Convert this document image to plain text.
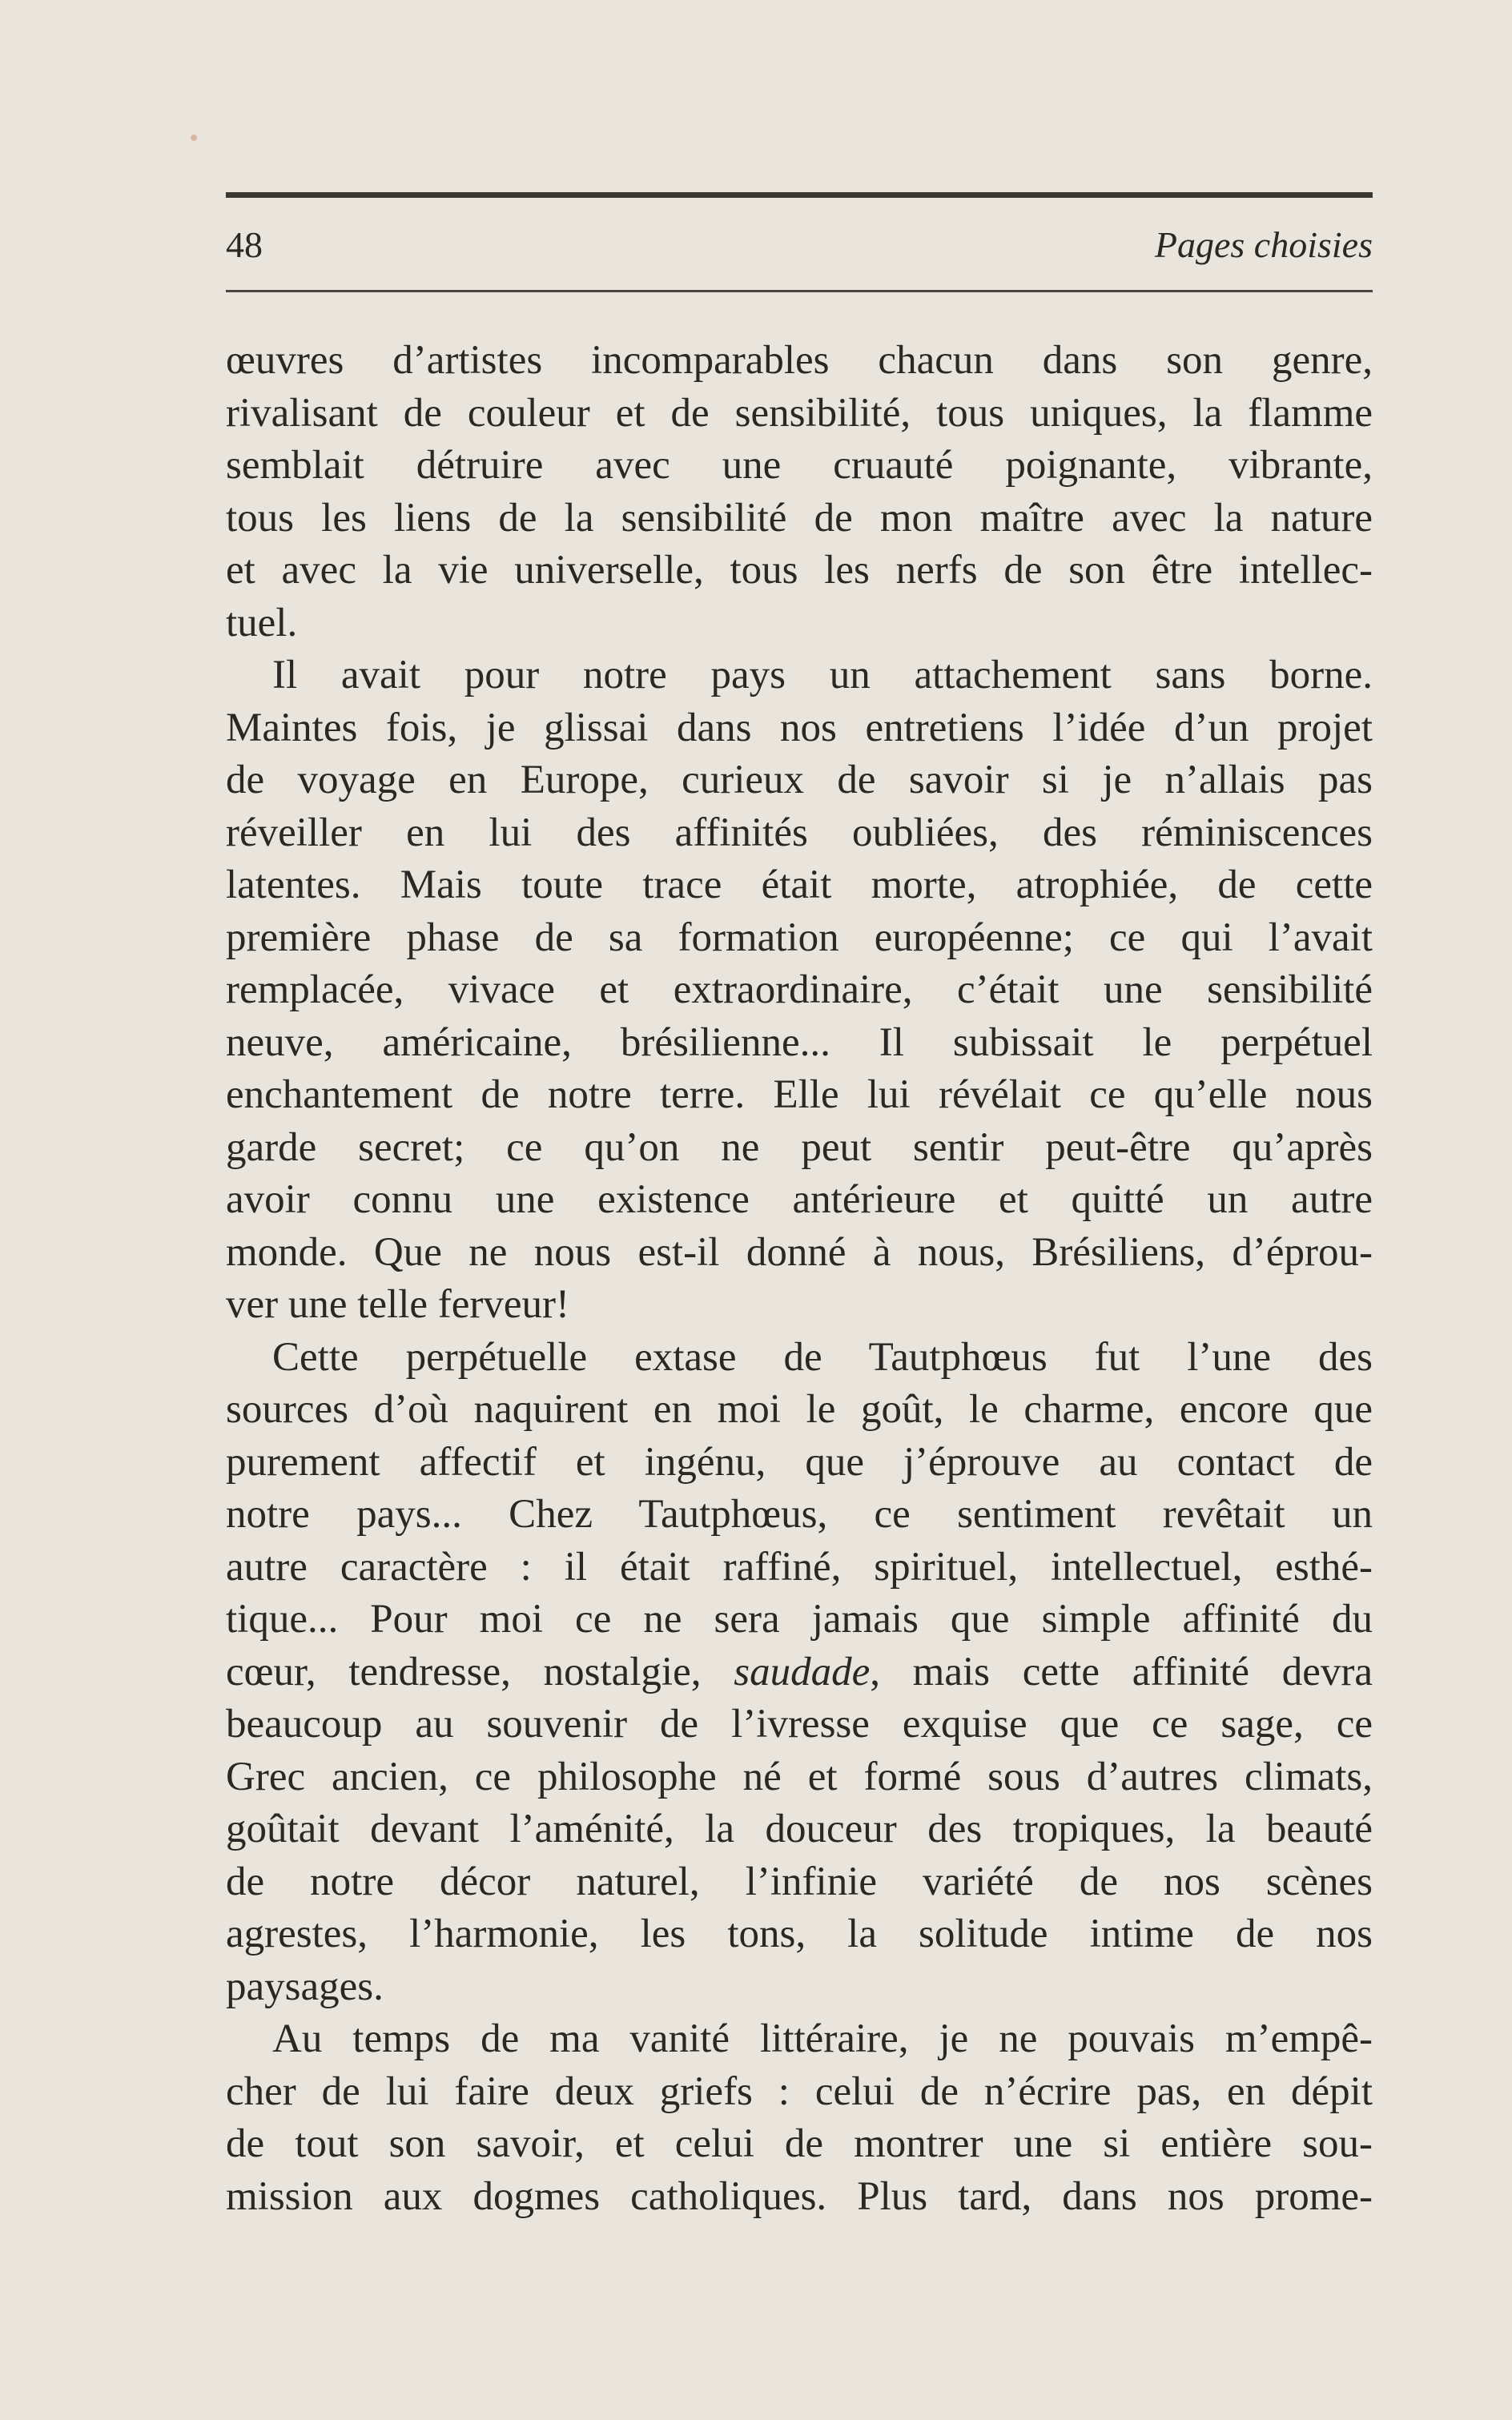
48	Pages choisies
œuvres d’artistes incomparables chacun dans son genre,
rivalisant de couleur et de sensibilité, tous uniques, la flamme
semblait détruire avec une cruauté poignante, vibrante,
tous les liens de la sensibilité de mon maître avec la nature
et avec la vie universelle, tous les nerfs de son être intellec-
tuel.
Il avait pour notre pays un attachement sans borne.
Maintes fois, je glissai dans nos entretiens l’idée d’un projet
de voyage en Europe, curieux de savoir si je n’allais pas
réveiller en lui des affinités oubliées, des réminiscences
latentes. Mais toute trace était morte, atrophiée, de cette
première phase de sa formation européenne; ce qui l’avait
remplacée, vivace et extraordinaire, c’était une sensibilité
neuve, américaine, brésilienne... Il subissait le perpétuel
enchantement de notre terre. Elle lui révélait ce qu’elle nous
garde secret; ce qu’on ne peut sentir peut-être qu’après
avoir connu une existence antérieure et quitté un autre
monde. Que ne nous est-il donné à nous, Brésiliens, d’éprou-
ver une telle ferveur!
Cette perpétuelle extase de Tautphœus fut l’une des
sources d’où naquirent en moi le goût, le charme, encore que
purement affectif et ingénu, que j’éprouve au contact de
notre pays... Chez Tautphœus, ce sentiment revêtait un
autre caractère : il était raffiné, spirituel, intellectuel, esthé-
tique... Pour moi ce ne sera jamais que simple affinité du
cœur, tendresse, nostalgie, saudade, mais cette affinité devra
beaucoup au souvenir de l’ivresse exquise que ce sage, ce
Grec ancien, ce philosophe né et formé sous d’autres climats,
goûtait devant l’aménité, la douceur des tropiques, la beauté
de notre décor naturel, l’infinie variété de nos scènes
agrestes, l’harmonie, les tons, la solitude intime de nos
paysages.
Au temps de ma vanité littéraire, je ne pouvais m’empê-
cher de lui faire deux griefs : celui de n’écrire pas, en dépit
de tout son savoir, et celui de montrer une si entière sou-
mission aux dogmes catholiques. Plus tard, dans nos prome-
